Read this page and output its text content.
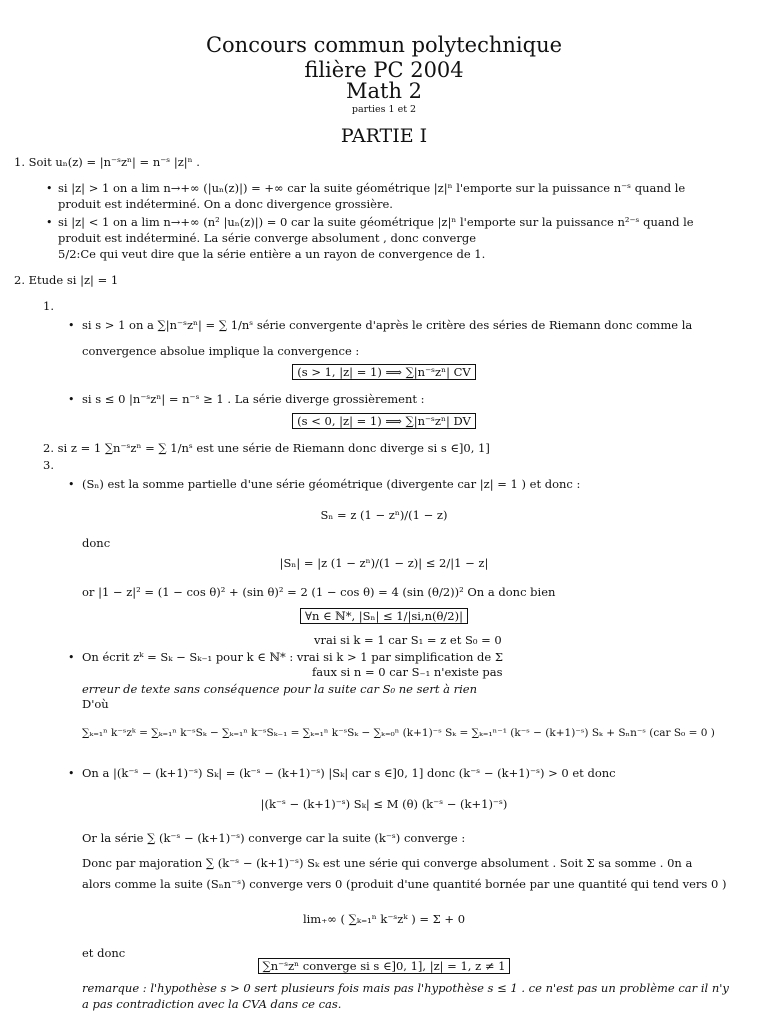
Concours commun polytechnique
filière PC 2004
Math 2
parties 1 et 2
PARTIE I
1. Soit uₙ(z) = |n⁻ˢzⁿ| = n⁻ˢ |z|ⁿ .
• si |z| > 1 on a lim n→+∞ (|uₙ(z)|) = +∞ car la suite géométrique |z|ⁿ l'emporte sur la puissance n⁻ˢ quand le
produit est indéterminé. On a donc divergence grossière.
• si |z| < 1 on a lim n→+∞ (n² |uₙ(z)|) = 0 car la suite géométrique |z|ⁿ l'emporte sur la puissance n²⁻ˢ quand le
produit est indéterminé. La série converge absolument , donc converge
5/2:Ce qui veut dire que la série entière a un rayon de convergence de 1.
2. Etude si |z| = 1
1.
• si s > 1 on a ∑|n⁻ˢzⁿ| = ∑ 1/nˢ série convergente d'après le critère des séries de Riemann donc comme la
convergence absolue implique la convergence :
(s > 1, |z| = 1) ⟹ ∑|n⁻ˢzⁿ| CV
• si s ≤ 0 |n⁻ˢzⁿ| = n⁻ˢ ≥ 1 . La série diverge grossièrement :
(s < 0, |z| = 1) ⟹ ∑|n⁻ˢzⁿ| DV
2. si z = 1 ∑n⁻ˢzⁿ = ∑ 1/nˢ est une série de Riemann donc diverge si s ∈]0, 1]
3.
• (Sₙ) est la somme partielle d'une série géométrique (divergente car |z| = 1 ) et donc :
Sₙ = z (1 − zⁿ)/(1 − z)
donc
|Sₙ| = |z (1 − zⁿ)/(1 − z)| ≤ 2/|1 − z|
or |1 − z|² = (1 − cos θ)² + (sin θ)² = 2 (1 − cos θ) = 4 (sin (θ/2))² On a donc bien
∀n ∈ ℕ*, |Sₙ| ≤ 1/|si,n(θ/2)|
vrai si k = 1 car S₁ = z et S₀ = 0
• On écrit zᵏ = Sₖ − Sₖ₋₁ pour k ∈ ℕ* : vrai si k > 1 par simplification de Σ
faux si n = 0 car S₋₁ n'existe pas
erreur de texte sans conséquence pour la suite car S₀ ne sert à rien
D'où
∑ₖ₌₁ⁿ k⁻ˢzᵏ = ∑ₖ₌₁ⁿ k⁻ˢSₖ − ∑ₖ₌₁ⁿ k⁻ˢSₖ₋₁ = ∑ₖ₌₁ⁿ k⁻ˢSₖ − ∑ₖ₌₀ⁿ (k+1)⁻ˢ Sₖ = ∑ₖ₌₁ⁿ⁻¹ (k⁻ˢ − (k+1)⁻ˢ) Sₖ + Sₙn⁻ˢ (car S₀ = 0 )
• On a |(k⁻ˢ − (k+1)⁻ˢ) Sₖ| = (k⁻ˢ − (k+1)⁻ˢ) |Sₖ| car s ∈]0, 1] donc (k⁻ˢ − (k+1)⁻ˢ) > 0 et donc
|(k⁻ˢ − (k+1)⁻ˢ) Sₖ| ≤ M (θ) (k⁻ˢ − (k+1)⁻ˢ)
Or la série ∑ (k⁻ˢ − (k+1)⁻ˢ) converge car la suite (k⁻ˢ) converge :
Donc par majoration ∑ (k⁻ˢ − (k+1)⁻ˢ) Sₖ est une série qui converge absolument . Soit Σ sa somme . 0n a
alors comme la suite (Sₙn⁻ˢ) converge vers 0 (produit d'une quantité bornée par une quantité qui tend vers 0 )
lim₊∞ ( ∑ₖ₌₁ⁿ k⁻ˢzᵏ ) = Σ + 0
et donc
∑n⁻ˢzⁿ converge si s ∈]0, 1], |z| = 1, z ≠ 1
remarque : l'hypothèse s > 0 sert plusieurs fois mais pas l'hypothèse s ≤ 1 . ce n'est pas un problème car il n'y
a pas contradiction avec la CVA dans ce cas.
